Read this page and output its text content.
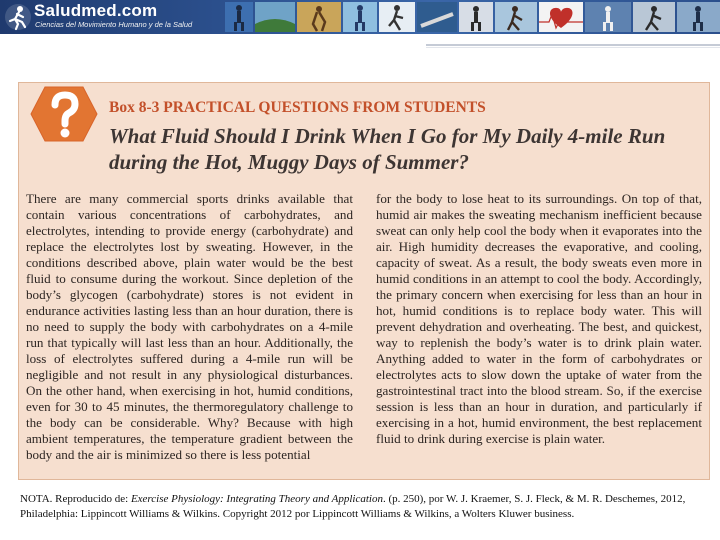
Saludmed.com
Ciencias del Movimiento Humano y de la Salud
Box 8-3 PRACTICAL QUESTIONS FROM STUDENTS
What Fluid Should I Drink When I Go for My Daily 4-mile Run during the Hot, Muggy Days of Summer?
There are many commercial sports drinks available that contain various concentrations of carbohydrates, and electrolytes, intending to provide energy (carbohydrate) and replace the electrolytes lost by sweating. However, in the conditions described above, plain water would be the best fluid to consume during the workout. Since depletion of the body’s glycogen (carbohydrate) stores is not evident in endurance activities lasting less than an hour duration, there is no need to supply the body with carbohydrates on a 4-mile run that typically will last less than an hour. Additionally, the loss of electrolytes suffered during a 4-mile run will be negligible and not result in any physiological disturbances. On the other hand, when exercising in hot, humid conditions, even for 30 to 45 minutes, the thermoregulatory challenge to the body can be considerable. Why? Because with high ambient temperatures, the temperature gradient between the body and the air is minimized so there is less potential
for the body to lose heat to its surroundings. On top of that, humid air makes the sweating mechanism inefficient because sweat can only help cool the body when it evaporates into the air. High humidity decreases the evaporative, and cooling, capacity of sweat. As a result, the body sweats even more in humid conditions in an attempt to cool the body. Accordingly, the primary concern when exercising for less than an hour in hot, humid conditions is to replace body water. This will prevent dehydration and overheating. The best, and quickest, way to replenish the body’s water is to drink plain water. Anything added to water in the form of carbohydrates or electrolytes acts to slow down the uptake of water from the gastrointestinal tract into the blood stream. So, if the exercise session is less than an hour in duration, and particularly if exercising in a hot, humid environment, the best replacement fluid to drink during exercise is plain water.
NOTA. Reproducido de: Exercise Physiology: Integrating Theory and Application. (p. 250), por W. J. Kraemer, S. J. Fleck, & M. R. Deschemes, 2012, Philadelphia: Lippincott Williams & Wilkins. Copyright 2012 por Lippincott Williams & Wilkins, a Wolters Kluwer business.
